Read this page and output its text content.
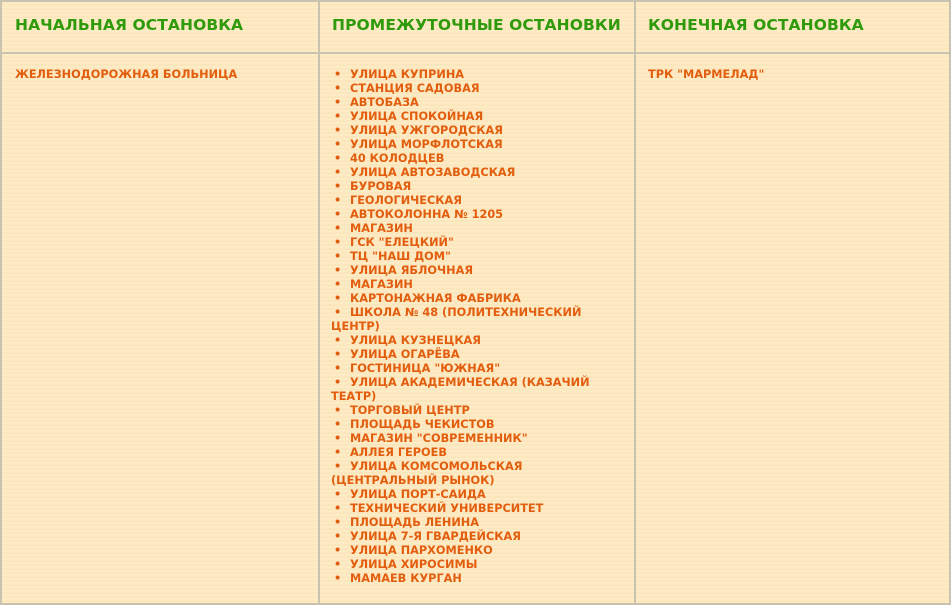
НАЧАЛЬНАЯ ОСТАНОВКА	ПРОМЕЖУТОЧНЫЕ ОСТАНОВКИ КОНЕЧНАЯ ОСТАНОВКА
ЖЕЛЕЗНОДОРОЖНАЯ БОЛЬНИЦА	• УЛИЦА КУПРИНА
• СТАНЦИЯ САДОВАЯ
• АВТОБАЗА
• УЛИЦА СПОКОЙНАЯ
• УЛИЦА УЖГОРОДСКАЯ
• УЛИЦА МОРФЛОТСКАЯ
• 40 КОЛОДЦЕВ
• УЛИЦА АВТОЗАВОДСКАЯ
• БУРОВАЯ
• ГЕОЛОГИЧЕСКАЯ
• АВТОКОЛОННА № 1205
• МАГАЗИН
• ГСК "ЕЛЕЦКИЙ"
• ТЦ "НАШ ДОМ"
• УЛИЦА ЯБЛОЧНАЯ
• МАГАЗИН
• КАРТОНАЖНАЯ ФАБРИКА
• ШКОЛА № 48 (ПОЛИТЕХНИЧЕСКИЙ ЦЕНТР)
• УЛИЦА КУЗНЕЦКАЯ
• УЛИЦА ОГАРЁВА
• ГОСТИНИЦА "ЮЖНАЯ"
• УЛИЦА АКАДЕМИЧЕСКАЯ (КАЗАЧИЙ ТЕАТР)
• ТОРГОВЫЙ ЦЕНТР
• ПЛОЩАДЬ ЧЕКИСТОВ
• МАГАЗИН "СОВРЕМЕННИК"
• АЛЛЕЯ ГЕРОЕВ
• УЛИЦА КОМСОМОЛЬСКАЯ (ЦЕНТРАЛЬНЫЙ РЫНОК)
• УЛИЦА ПОРТ-САИДА
• ТЕХНИЧЕСКИЙ УНИВЕРСИТЕТ
• ПЛОЩАДЬ ЛЕНИНА
• УЛИЦА 7-Я ГВАРДЕЙСКАЯ
• УЛИЦА ПАРХОМЕНКО
• УЛИЦА ХИРОСИМЫ
• МАМАЕВ КУРГАН
ТРК "МАРМЕЛАД"
